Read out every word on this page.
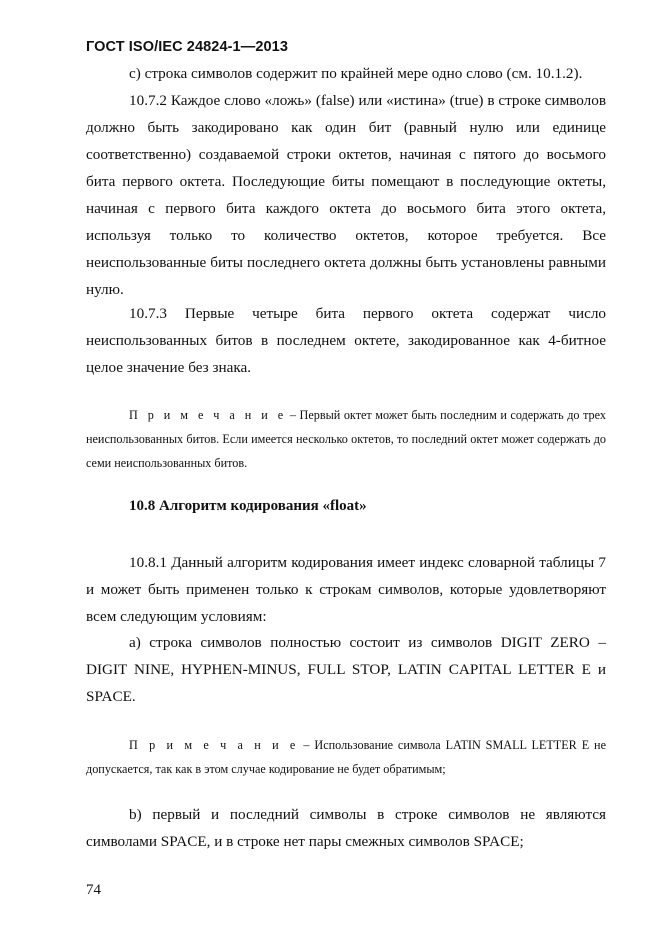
ГОСТ ISO/IEC 24824-1—2013

c) строка символов содержит по крайней мере одно слово (см. 10.1.2).

10.7.2 Каждое слово «ложь» (false) или «истина» (true) в строке символов должно быть закодировано как один бит (равный нулю или единице соответственно) создаваемой строки октетов, начиная с пятого до восьмого бита первого октета. Последующие биты помещают в последующие октеты, начиная с первого бита каждого октета до восьмого бита этого октета, используя только то количество октетов, которое требуется. Все неиспользованные биты последнего октета должны быть установлены равными нулю.

10.7.3 Первые четыре бита первого октета содержат число неиспользованных битов в последнем октете, закодированное как 4-битное целое значение без знака.

П р и м е ч а н и е – Первый октет может быть последним и содержать до трех неиспользованных битов. Если имеется несколько октетов, то последний октет может содержать до семи неиспользованных битов.

10.8 Алгоритм кодирования «float»

10.8.1 Данный алгоритм кодирования имеет индекс словарной таблицы 7 и может быть применен только к строкам символов, которые удовлетворяют всем следующим условиям:

a) строка символов полностью состоит из символов DIGIT ZERO – DIGIT NINE, HYPHEN-MINUS, FULL STOP, LATIN CAPITAL LETTER E и SPACE.

П р и м е ч а н и е – Использование символа LATIN SMALL LETTER E не допускается, так как в этом случае кодирование не будет обратимым;

b) первый и последний символы в строке символов не являются символами SPACE, и в строке нет пары смежных символов SPACE;

74
